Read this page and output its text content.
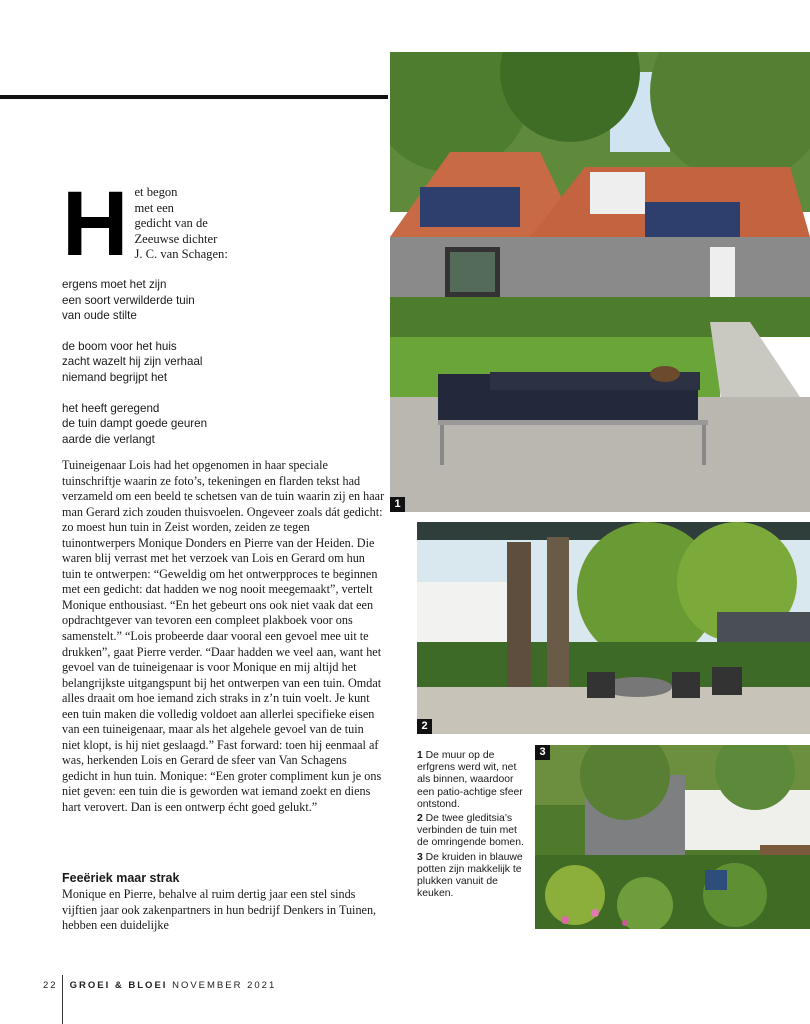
H et begon
met een
gedicht van de
Zeeuwse dichter
J. C. van Schagen:
ergens moet het zijn
een soort verwilderde tuin
van oude stilte
de boom voor het huis
zacht wazelt hij zijn verhaal
niemand begrijpt het
het heeft geregend
de tuin dampt goede geuren
aarde die verlangt
Tuineigenaar Lois had het opgenomen in haar speciale tuinschriftje waarin ze foto’s, tekeningen en flarden tekst had verzameld om een beeld te schetsen van de tuin waarin zij en haar man Gerard zich zouden thuisvoelen. Ongeveer zoals dát gedicht: zo moest hun tuin in Zeist worden, zeiden ze tegen tuinontwerpers Monique Donders en Pierre van der Heiden. Die waren blij verrast met het verzoek van Lois en Gerard om hun tuin te ontwerpen: “Geweldig om het ontwerpproces te beginnen met een gedicht: dat hadden we nog nooit meegemaakt”, vertelt Monique enthousiast. “En het gebeurt ons ook niet vaak dat een opdrachtgever van tevoren een compleet plakboek voor ons samenstelt.” “Lois probeerde daar vooral een gevoel mee uit te drukken”, gaat Pierre verder. “Daar hadden we veel aan, want het gevoel van de tuineigenaar is voor Monique en mij altijd het belangrijkste uitgangspunt bij het ontwerpen van een tuin. Omdat alles draait om hoe iemand zich straks in z’n tuin voelt. Je kunt een tuin maken die volledig voldoet aan allerlei specifieke eisen van een tuineigenaar, maar als het algehele gevoel van de tuin niet klopt, is hij niet geslaagd.” Fast forward: toen hij eenmaal af was, herkenden Lois en Gerard de sfeer van Van Schagens gedicht in hun tuin. Monique: “Een groter compliment kun je ons niet geven: een tuin die is geworden wat iemand zoekt en diens hart verovert. Dan is een ontwerp écht goed gelukt.”
Feeëriek maar strak
Monique en Pierre, behalve al ruim dertig jaar een stel sinds vijftien jaar ook zakenpartners in hun bedrijf Denkers in Tuinen, hebben een duidelijke
1
2
3
1 De muur op de erfgrens werd wit, net als binnen, waardoor een patio-achtige sfeer ontstond.
2 De twee gleditsia’s verbinden de tuin met de omringende bomen.
3 De kruiden in blauwe potten zijn makkelijk te plukken vanuit de keuken.
22 GROEI & BLOEI NOVEMBER 2021
